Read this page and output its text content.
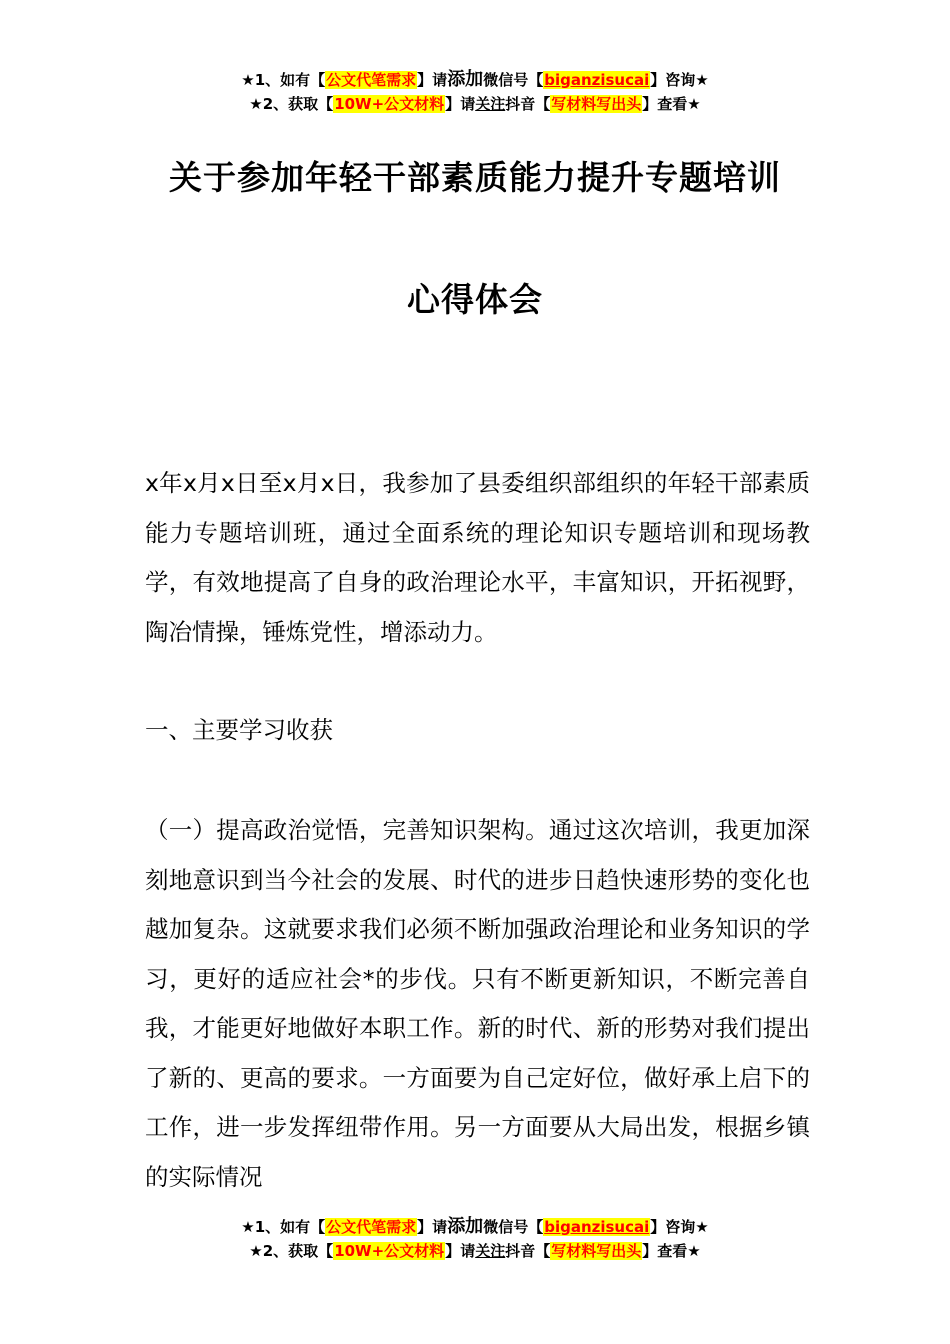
★1、如有【公文代笔需求】请添加微信号【biganzisucai】咨询★
★2、获取【10W+公文材料】请关注抖音【写材料写出头】查看★
关于参加年轻干部素质能力提升专题培训
心得体会

x年x月x日至x月x日，我参加了县委组织部组织的年轻干部素质能力专题培训班，通过全面系统的理论知识专题培训和现场教学，有效地提高了自身的政治理论水平，丰富知识，开拓视野，陶冶情操，锤炼党性，增添动力。

一、主要学习收获

（一）提高政治觉悟，完善知识架构。通过这次培训，我更加深刻地意识到当今社会的发展、时代的进步日趋快速形势的变化也越加复杂。这就要求我们必须不断加强政治理论和业务知识的学习，更好的适应社会*的步伐。只有不断更新知识，不断完善自我，才能更好地做好本职工作。新的时代、新的形势对我们提出了新的、更高的要求。一方面要为自己定好位，做好承上启下的工作，进一步发挥纽带作用。另一方面要从大局出发，根据乡镇的实际情况

★1、如有【公文代笔需求】请添加微信号【biganzisucai】咨询★
★2、获取【10W+公文材料】请关注抖音【写材料写出头】查看★
